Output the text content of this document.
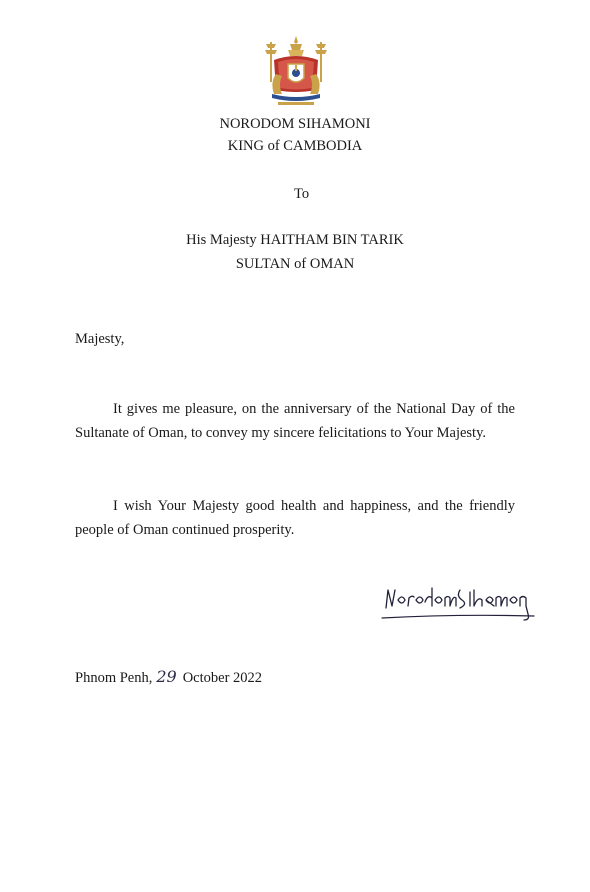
NORODOM SIHAMONI
KING of CAMBODIA
To
His Majesty HAITHAM BIN TARIK
SULTAN of OMAN
Majesty,
It gives me pleasure, on the anniversary of the National Day of the Sultanate of Oman, to convey my sincere felicitations to Your Majesty.
I wish Your Majesty good health and happiness, and the friendly people of Oman continued prosperity.
Norodom Sihamoni
Phnom Penh, 29 October 2022
